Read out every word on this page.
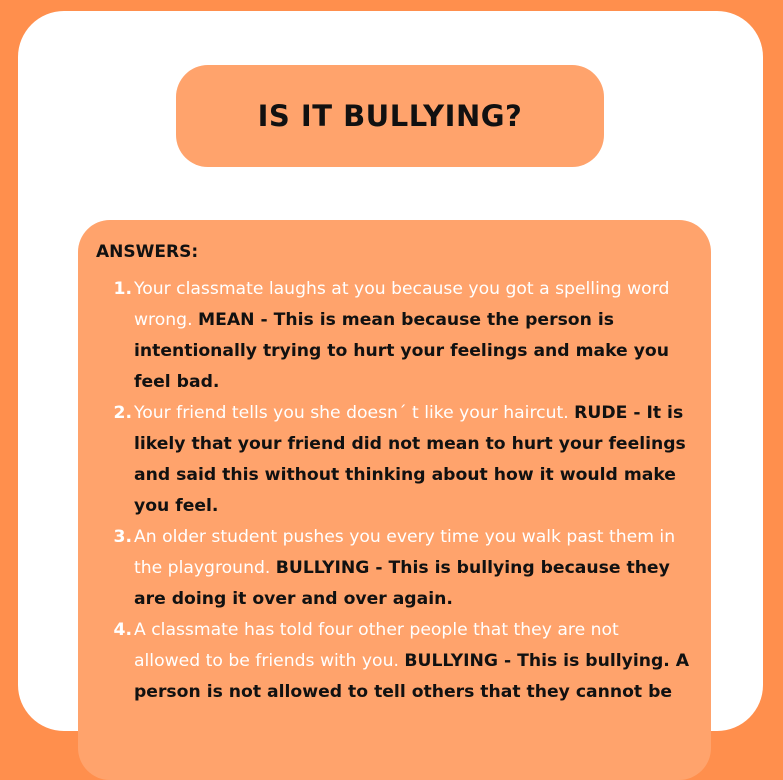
IS IT BULLYING?
ANSWERS:
1. Your classmate laughs at you because you got a spelling word wrong. MEAN - This is mean because the person is intentionally trying to hurt your feelings and make you feel bad.
2. Your friend tells you she doesn´ t like your haircut. RUDE - It is likely that your friend did not mean to hurt your feelings and said this without thinking about how it would make you feel.
3. An older student pushes you every time you walk past them in the playground. BULLYING - This is bullying because they are doing it over and over again.
4. A classmate has told four other people that they are not allowed to be friends with you. BULLYING - This is bullying. A person is not allowed to tell others that they cannot be
